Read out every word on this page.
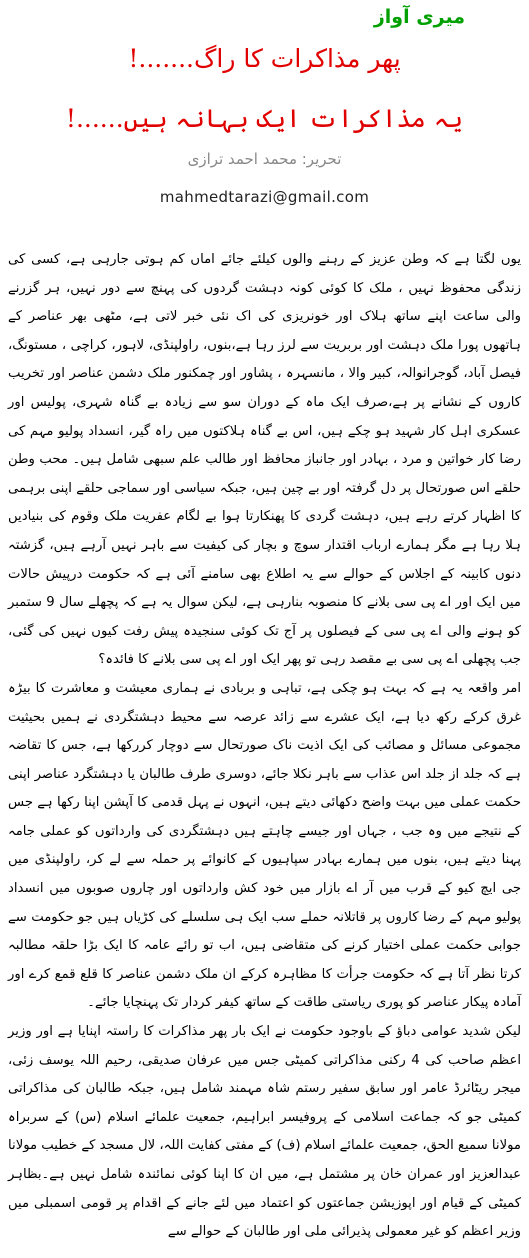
میری آواز
پھر مذاکرات کا راگ.......!
یہ مذاکرات ایک بہانہ ہیں......!
تحریر: محمد احمد ترازی
mahmedtarazi@gmail.com

یوں لگتا ہے کہ وطن عزیز کے رہنے والوں کیلئے جائے اماں کم ہوتی جارہی ہے، کسی کی زندگی محفوظ نہیں ، ملک کا کوئی کونہ دہشت گردوں کی پہنچ سے دور نہیں، ہر گزرنے والی ساعت اپنے ساتھ ہلاک اور خونریزی کی اک نئی خبر لاتی ہے، مٹھی بھر عناصر کے ہاتھوں پورا ملک دہشت اور بربریت سے لرز رہا ہے،بنوں، راولپنڈی، لاہور، کراچی ، مستونگ، فیصل آباد، گوجرانوالہ، کبیر والا ، مانسہرہ ، پشاور اور چمکنور ملک دشمن عناصر اور تخریب کاروں کے نشانے پر ہے،صرف ایک ماہ کے دوران سو سے زیادہ بے گناہ شہری، پولیس اور عسکری اہل کار شہید ہو چکے ہیں، اس بے گناہ ہلاکتوں میں راہ گیر، انسداد پولیو مہم کی رضا کار خواتین و مرد ، بہادر اور جانباز محافظ اور طالب علم سبھی شامل ہیں۔ محب وطن حلقے اس صورتحال پر دل گرفتہ اور بے چین ہیں، جبکہ سیاسی اور سماجی حلقے اپنی برہمی کا اظہار کرتے رہے ہیں، دہشت گردی کا پھنکارتا ہوا بے لگام عفریت ملک وقوم کی بنیادیں ہلا رہا ہے مگر ہمارے ارباب اقتدار سوچ و بچار کی کیفیت سے باہر نہیں آرہے ہیں، گزشتہ دنوں کابینہ کے اجلاس کے حوالے سے یہ اطلاع بھی سامنے آئی ہے کہ حکومت درپیش حالات میں ایک اور اے پی سی بلانے کا منصوبہ بنارہی ہے، لیکن سوال یہ ہے کہ پچھلے سال 9 ستمبر کو ہونے والی اے پی سی کے فیصلوں پر آج تک کوئی سنجیدہ پیش رفت کیوں نہیں کی گئی، جب پچھلی اے پی سی بے مقصد رہی تو پھر ایک اور اے پی سی بلانے کا فائدہ؟

امر واقعہ یہ ہے کہ بہت ہو چکی ہے، تباہی و بربادی نے ہماری معیشت و معاشرت کا بیڑہ غرق کرکے رکھ دیا ہے، ایک عشرے سے زائد عرصہ سے محیط دہشتگردی نے ہمیں بحیثیت مجموعی مسائل و مصائب کی ایک اذیت ناک صورتحال سے دوچار کررکھا ہے، جس کا تقاضہ ہے کہ جلد از جلد اس عذاب سے باہر نکلا جائے، دوسری طرف طالبان یا دہشتگرد عناصر اپنی حکمت عملی میں بہت واضح دکھائی دیتے ہیں، انہوں نے پہل قدمی کا آپشن اپنا رکھا ہے جس کے نتیجے میں وہ جب ، جہاں اور جیسے چاہتے ہیں دہشتگردی کی وارداتوں کو عملی جامہ پہنا دیتے ہیں، بنوں میں ہمارے بہادر سپاہیوں کے کانوائے پر حملہ سے لے کر، راولپنڈی میں جی ایچ کیو کے قرب میں آر اے بازار میں خود کش وارداتوں اور چاروں صوبوں میں انسداد پولیو مہم کے رضا کاروں پر قاتلانہ حملے سب ایک ہی سلسلے کی کڑیاں ہیں جو حکومت سے جوابی حکمت عملی اختیار کرنے کی متقاضی ہیں، اب تو رائے عامہ کا ایک بڑا حلقہ مطالبہ کرتا نظر آتا ہے کہ حکومت جرأت کا مظاہرہ کرکے ان ملک دشمن عناصر کا قلع قمع کرے اور آمادہ پیکار عناصر کو پوری ریاستی طاقت کے ساتھ کیفر کردار تک پہنچایا جائے۔

لیکن شدید عوامی دباؤ کے باوجود حکومت نے ایک بار پھر مذاکرات کا راستہ اپنایا ہے اور وزیر اعظم صاحب کی 4 رکنی مذاکراتی کمیٹی جس میں عرفان صدیقی، رحیم اللہ یوسف زئی، میجر ریٹائرڈ عامر اور سابق سفیر رستم شاہ مہمند شامل ہیں، جبکہ طالبان کی مذاکراتی کمیٹی جو کہ جماعت اسلامی کے پروفیسر ابراہیم، جمعیت علمائے اسلام (س) کے سربراہ مولانا سمیع الحق، جمعیت علمائے اسلام (ف) کے مفتی کفایت اللہ، لال مسجد کے خطیب مولانا عبدالعزیز اور عمران خان پر مشتمل ہے، میں ان کا اپنا کوئی نمائندہ شامل نہیں ہے۔بظاہر کمیٹی کے قیام اور اپوزیشن جماعتوں کو اعتماد میں لئے جانے کے اقدام پر قومی اسمبلی میں وزیر اعظم کو غیر معمولی پذیرائی ملی اور طالبان کے حوالے سے
